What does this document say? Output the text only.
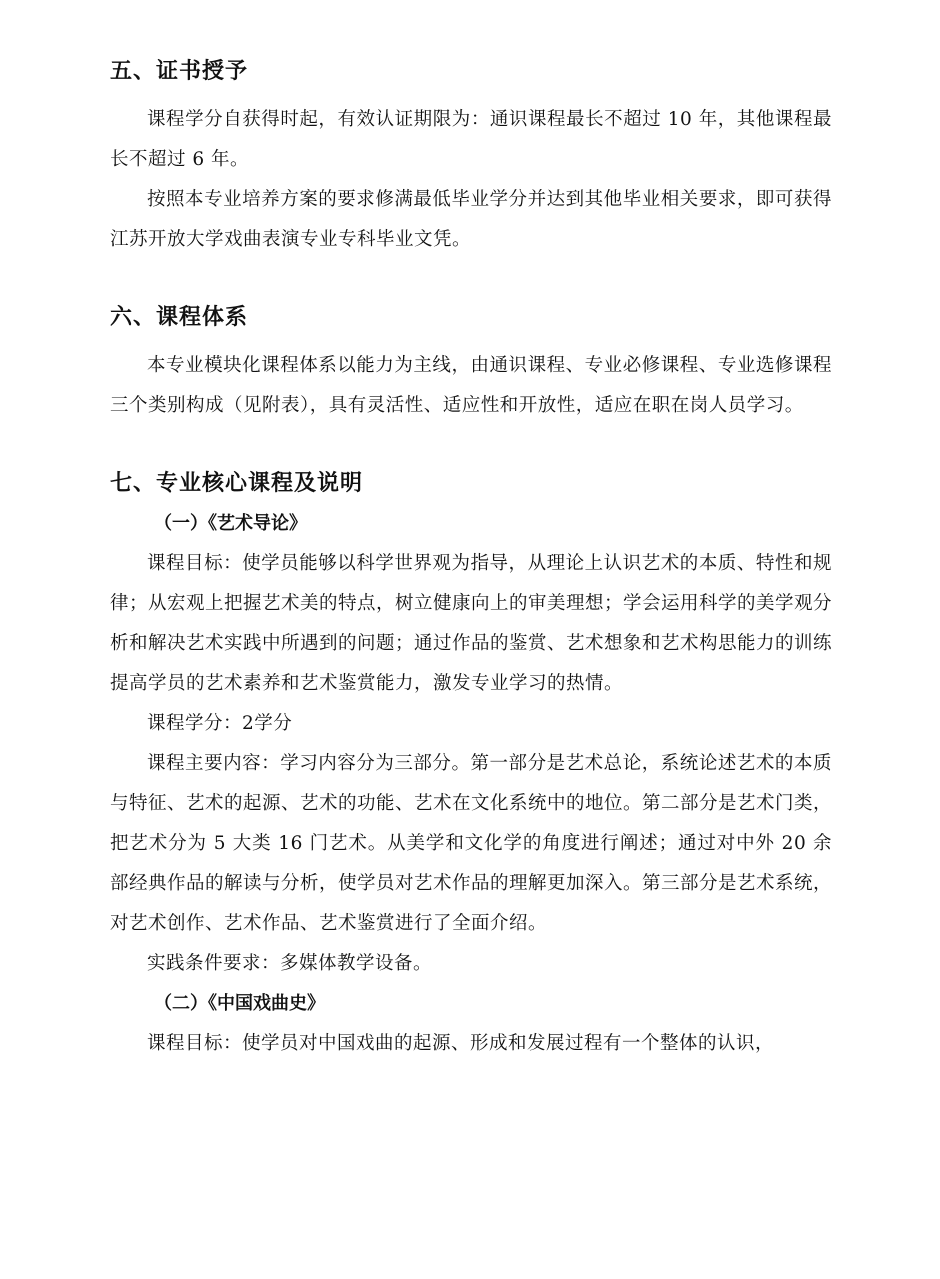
五、证书授予

课程学分自获得时起，有效认证期限为：通识课程最长不超过 10 年，其他课程最长不超过 6 年。

按照本专业培养方案的要求修满最低毕业学分并达到其他毕业相关要求，即可获得江苏开放大学戏曲表演专业专科毕业文凭。

六、课程体系

本专业模块化课程体系以能力为主线，由通识课程、专业必修课程、专业选修课程三个类别构成（见附表），具有灵活性、适应性和开放性，适应在职在岗人员学习。

七、专业核心课程及说明
（一）《艺术导论》

课程目标：使学员能够以科学世界观为指导，从理论上认识艺术的本质、特性和规律；从宏观上把握艺术美的特点，树立健康向上的审美理想；学会运用科学的美学观分析和解决艺术实践中所遇到的问题；通过作品的鉴赏、艺术想象和艺术构思能力的训练提高学员的艺术素养和艺术鉴赏能力，激发专业学习的热情。

课程学分：2学分

课程主要内容：学习内容分为三部分。第一部分是艺术总论，系统论述艺术的本质与特征、艺术的起源、艺术的功能、艺术在文化系统中的地位。第二部分是艺术门类，把艺术分为 5 大类 16 门艺术。从美学和文化学的角度进行阐述；通过对中外 20 余部经典作品的解读与分析，使学员对艺术作品的理解更加深入。第三部分是艺术系统，对艺术创作、艺术作品、艺术鉴赏进行了全面介绍。

实践条件要求：多媒体教学设备。

（二）《中国戏曲史》

课程目标：使学员对中国戏曲的起源、形成和发展过程有一个整体的认识，
